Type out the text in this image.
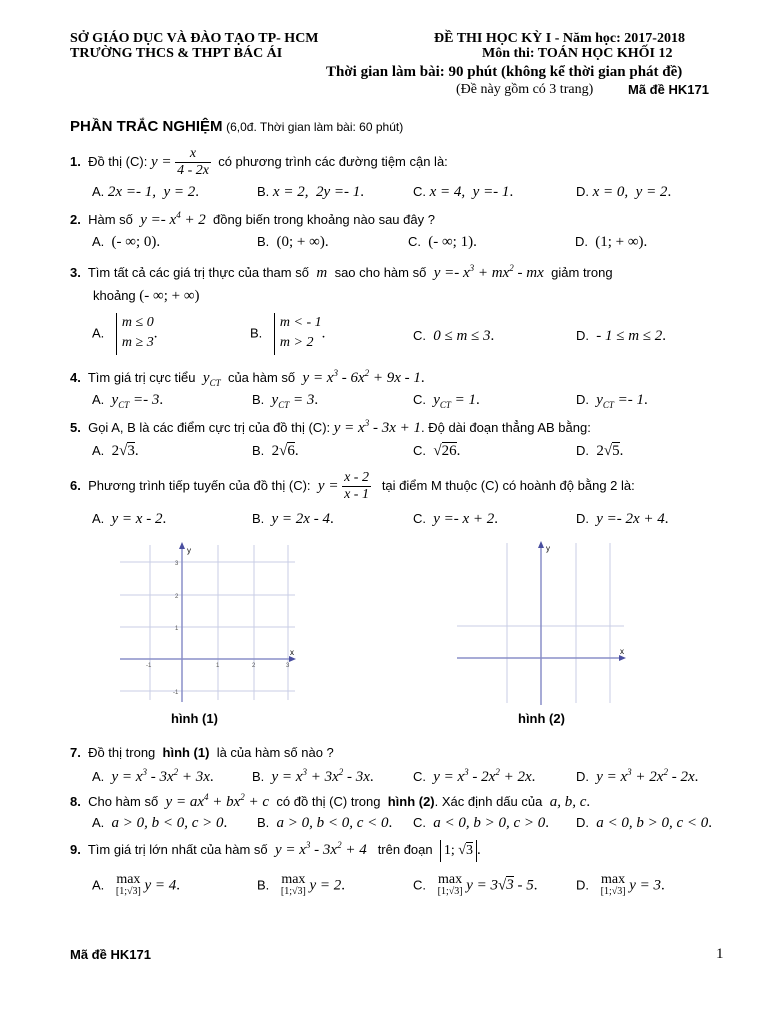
SỞ GIÁO DỤC VÀ ĐÀO TẠO TP- HCM
TRƯỜNG THCS & THPT BÁC ÁI
ĐỀ THI HỌC KỲ I - Năm học: 2017-2018
Môn thi: TOÁN HỌC KHỐI 12
Thời gian làm bài: 90 phút (không kể thời gian phát đề)
(Đề này gồm có 3 trang)	Mã đề HK171
PHẦN TRẮC NGHIỆM (6,0đ. Thời gian làm bài: 60 phút)
1. Đồ thị (C): $y = \frac{x}{4 - 2x}$ có phương trình các đường tiệm cận là:
A. 2x =- 1,  y = 2.	B. x = 2,  2y =- 1.	C. x = 4,  y =- 1.	D. x = 0,  y = 2.
2. Hàm số  $y =- x^4 + 2$ đồng biến trong khoảng nào sau đây ?
A.  (- ∞; 0).	B.  (0; + ∞).	C.  (- ∞; 1).	D.  (1; + ∞).
3. Tìm tất cả các giá trị thực của tham số  m  sao cho hàm số  $y =- x^3 + mx^2$ - mx  giảm trong
khoảng (- ∞; + ∞)
A.
m ≤ 0
m ≥ 3
.	B.
m < - 1
m > 2
.	C.  0 ≤ m ≤ 3.	D.  - 1 ≤ m ≤ 2.
4. Tìm giá trị cực tiểu  $y_{CT}$ của hàm số  $y = x^3 - 6x^2 + 9x - 1$.
A.  $y_{CT} =- 3$.	B.  $y_{CT} = 3$.	C.  $y_{CT} = 1$.	D.  $y_{CT} =- 1$.
5. Gọi A, B là các điểm cực trị của đồ thị (C): $y = x^3 - 3x + 1$. Độ dài đoạn thẳng AB bằng:
A.  2√3.	B.  2√6.	C.  √26.	D.  2√5.
6. Phương trình tiếp tuyến của đồ thị (C):  $y = \frac{x - 2}{x - 1}$ tại điểm M thuộc (C) có hoành độ bằng 2 là:
A.  y = x - 2.	B.  y = 2x - 4.	C.  y =- x + 2.	D.  y =- 2x + 4.
y
x
-1	1	2	3
3
2
1
-1
hình (1)
y
x
hình (2)
7. Đồ thị trong hình (1) là của hàm số nào ?
A.  $y = x^3 - 3x^2 + 3x$.	B.  $y = x^3 + 3x^2 - 3x$.	C.  $y = x^3 - 2x^2 + 2x$.	D.  $y = x^3 + 2x^2 - 2x$.
8. Cho hàm số  $y = ax^4 + bx^2 + c$  có đồ thị (C) trong hình (2). Xác định dấu của  a, b, c.
A.  a > 0, b < 0, c > 0. B.  a > 0, b < 0, c < 0. C.  a < 0, b > 0, c > 0. D.  a < 0, b > 0, c < 0.
9. Tìm giá trị lớn nhất của hàm số  $y = x^3 - 3x^2 + 4$   trên đoạn 1; √3 .
A. max
[1;√3] y = 4.	B. max
[1;√3] y = 2.	C. max
[1;√3] y = 3√3 - 5.	D. max
[1;√3] y = 3.
Mã đề HK171	1
